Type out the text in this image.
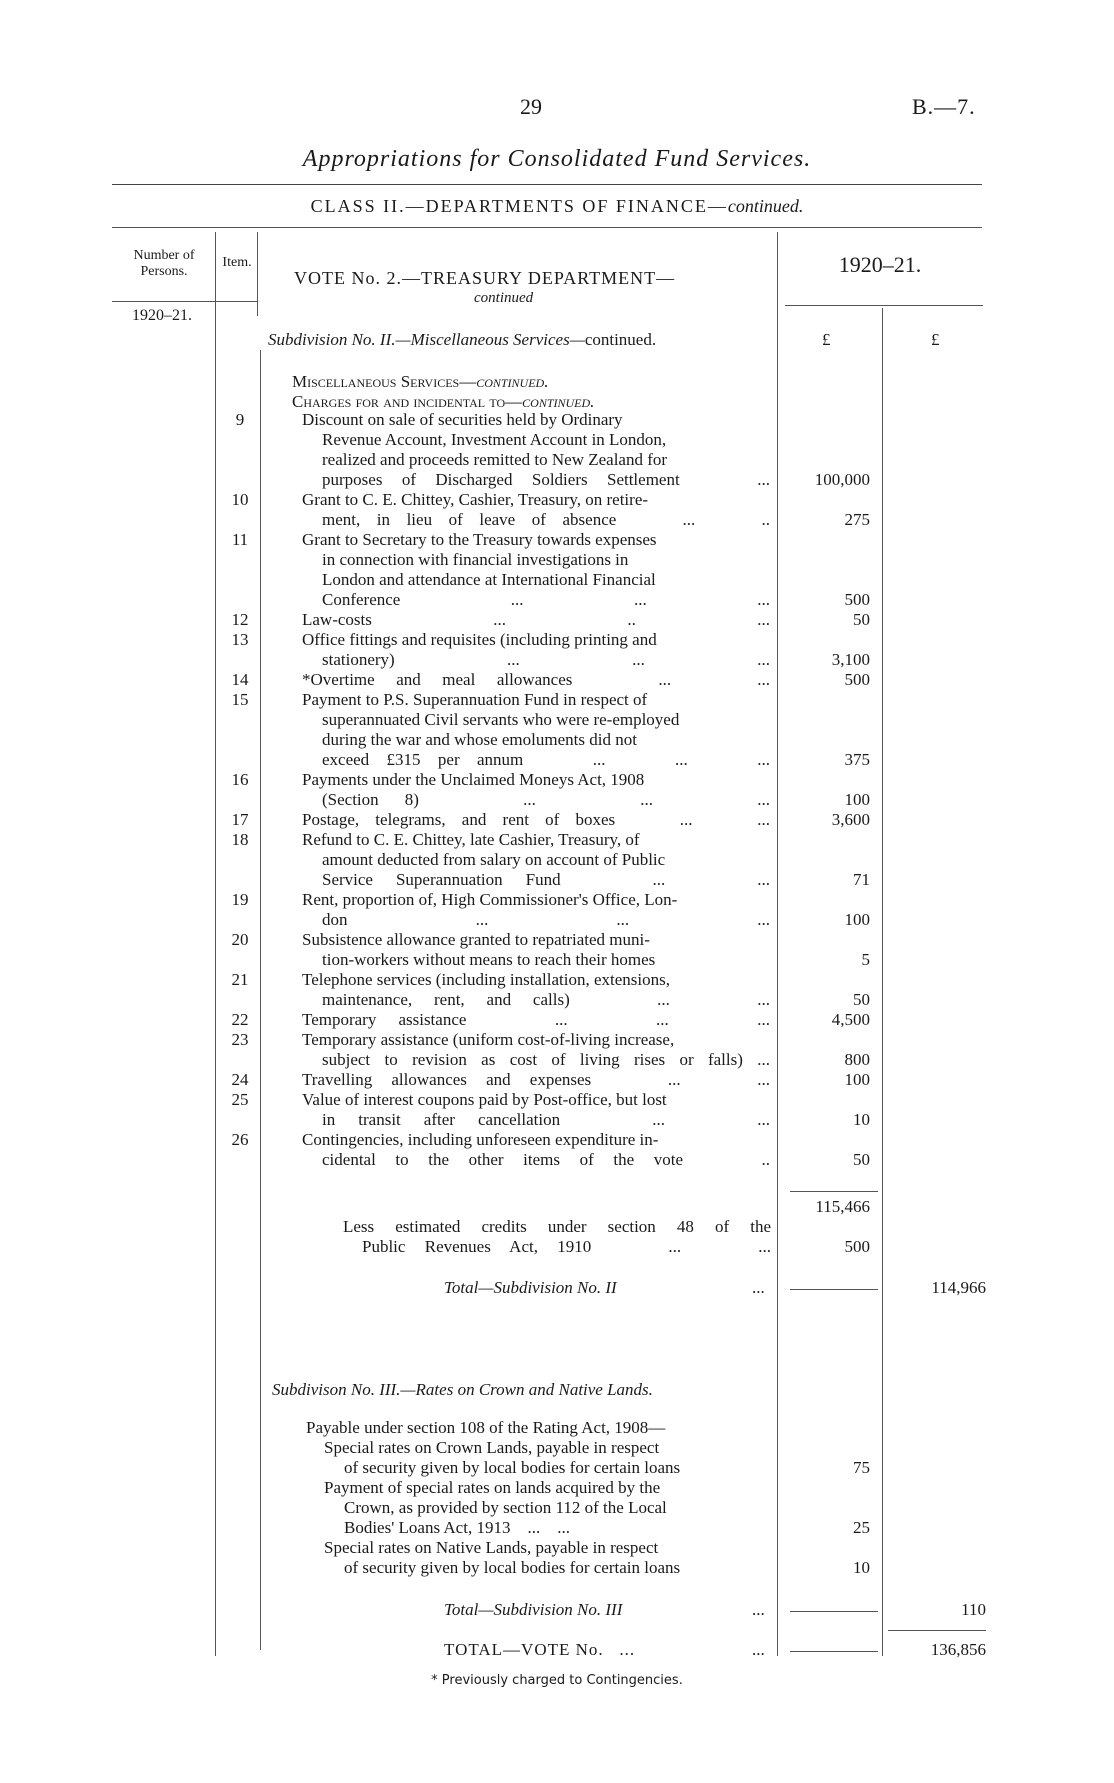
29	B.—7.
Appropriations for Consolidated Fund Services.
CLASS II.—DEPARTMENTS OF FINANCE—continued.
Number of Persons.
Item.
1920–21.
VOTE No. 2.—TREASURY DEPARTMENT—
continued
1920–21.
£	£
Subdivision No. II.—Miscellaneous Services—continued.
Miscellaneous Services—continued.
Charges for and incidental to—continued.
9	Discount on sale of securities held by Ordinary
Revenue Account, Investment Account in London,
realized and proceeds remitted to New Zealand for
purposes of Discharged Soldiers Settlement    ...	100,000
10	Grant to C. E. Chittey, Cashier, Treasury, on retire-
ment, in lieu of leave of absence    ...    ..	275
11	Grant to Secretary to the Treasury towards expenses
in connection with financial investigations in
London and attendance at International Financial
Conference    ...    ...    ...	500
12	Law-costs    ...    ..    ...	50
13	Office fittings and requisites (including printing and
stationery)    ...    ...    ...	3,100
14	*Overtime and meal allowances    ...    ...	500
15	Payment to P.S. Superannuation Fund in respect of
superannuated Civil servants who were re-employed
during the war and whose emoluments did not
exceed £315 per annum    ...    ...    ...	375
16	Payments under the Unclaimed Moneys Act, 1908
(Section 8)    ...    ...    ...	100
17	Postage, telegrams, and rent of boxes    ...    ...	3,600
18	Refund to C. E. Chittey, late Cashier, Treasury, of
amount deducted from salary on account of Public
Service Superannuation Fund    ...    ...	71
19	Rent, proportion of, High Commissioner's Office, Lon-
don    ...    ...    ...	100
20	Subsistence allowance granted to repatriated muni-
tion-workers without means to reach their homes	5
21	Telephone services (including installation, extensions,
maintenance, rent, and calls)    ...    ...	50
22	Temporary assistance    ...    ...    ...	4,500
23	Temporary assistance (uniform cost-of-living increase,
subject to revision as cost of living rises or falls) ...	800
24	Travelling allowances and expenses    ...    ...	100
25	Value of interest coupons paid by Post-office, but lost
in transit after cancellation    ...    ...	10
26	Contingencies, including unforeseen expenditure in-
cidental to the other items of the vote    ..	50
115,466
Less estimated credits under section 48 of the
Public Revenues Act, 1910    ...    ...	500
Total—Subdivision No. II	...	114,966
Subdivison No. III.—Rates on Crown and Native Lands.
Payable under section 108 of the Rating Act, 1908—
Special rates on Crown Lands, payable in respect
of security given by local bodies for certain loans	75
Payment of special rates on lands acquired by the
Crown, as provided by section 112 of the Local
Bodies' Loans Act, 1913    ...    ...	25
Special rates on Native Lands, payable in respect
of security given by local bodies for certain loans	10
Total—Subdivision No. III	...	110
TOTAL—VOTE No.   ...	...	136,856
* Previously charged to Contingencies.
